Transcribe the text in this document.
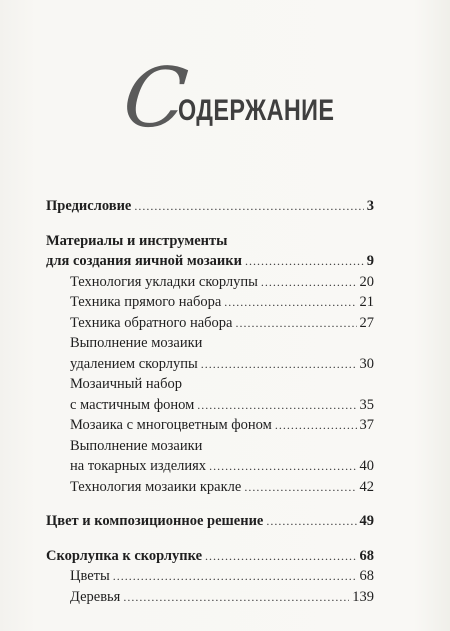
С
ОДЕРЖАНИЕ
Предисловие .....	3
Материалы и инструменты
для создания яичной мозаики .....	9
Технология укладки скорлупы .....	20
Техника прямого набора .....	21
Техника обратного набора .....	27
Выполнение мозаики
удалением скорлупы .....	30
Мозаичный набор
с мастичным фоном .....	35
Мозаика с многоцветным фоном .....	37
Выполнение мозаики
на токарных изделиях .....	40
Технология мозаики кракле .....	42
Цвет и композиционное решение .....	49
Скорлупка к скорлупке .....	68
Цветы .....	68
Деревья .....	139
